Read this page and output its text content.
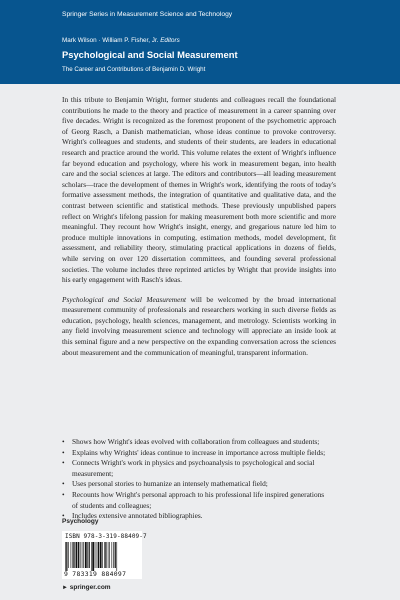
Springer Series in Measurement Science and Technology
Mark Wilson · William P. Fisher, Jr. Editors
Psychological and Social Measurement
The Career and Contributions of Benjamin D. Wright

In this tribute to Benjamin Wright, former students and colleagues recall the foundational contributions he made to the theory and practice of measurement in a career spanning over five decades. Wright is recognized as the foremost proponent of the psychometric approach of Georg Rasch, a Danish mathematician, whose ideas continue to provoke controversy. Wright's colleagues and students, and students of their students, are leaders in educational research and practice around the world. This volume relates the extent of Wright's influence far beyond education and psychology, where his work in measurement began, into health care and the social sciences at large. The editors and contributors—all leading measurement scholars—trace the development of themes in Wright's work, identifying the roots of today's formative assessment methods, the integration of quantitative and qualitative data, and the contrast between scientific and statistical methods. These previously unpublished papers reflect on Wright's lifelong passion for making measurement both more scientific and more meaningful. They recount how Wright's insight, energy, and gregarious nature led him to produce multiple innovations in computing, estimation methods, model development, fit assessment, and reliability theory, stimulating practical applications in dozens of fields, while serving on over 120 dissertation committees, and founding several professional societies. The volume includes three reprinted articles by Wright that provide insights into his early engagement with Rasch's ideas.

Psychological and Social Measurement will be welcomed by the broad international measurement community of professionals and researchers working in such diverse fields as education, psychology, health sciences, management, and metrology. Scientists working in any field involving measurement science and technology will appreciate an inside look at this seminal figure and a new perspective on the expanding conversation across the sciences about measurement and the communication of meaningful, transparent information.

• Shows how Wright's ideas evolved with collaboration from colleagues and students;
• Explains why Wrights' ideas continue to increase in importance across multiple fields;
• Connects Wright's work in physics and psychoanalysis to psychological and social measurement;
• Uses personal stories to humanize an intensely mathematical field;
• Recounts how Wright's personal approach to his professional life inspired generations of students and colleagues;
• Includes extensive annotated bibliographies.
Psychology
ISBN 978-3-319-88409-7
9 783319 884097
► springer.com
